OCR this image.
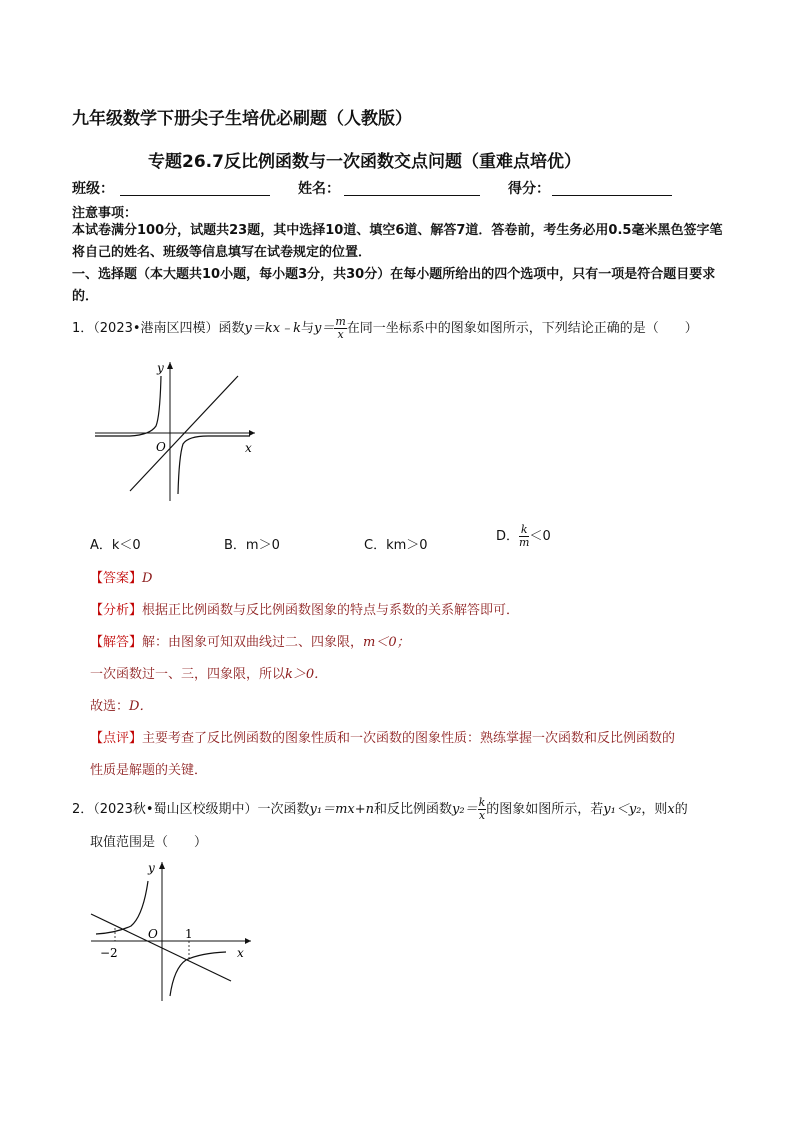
九年级数学下册尖子生培优必刷题（人教版）
专题26.7反比例函数与一次函数交点问题（重难点培优）
班级：	姓名：	得分：
注意事项：
本试卷满分100分，试题共23题，其中选择10道、填空6道、解答7道．答卷前，考生务必用0.5毫米黑色签字笔将自己的姓名、班级等信息填写在试卷规定的位置．
一、选择题（本大题共10小题，每小题3分，共30分）在每小题所给出的四个选项中，只有一项是符合题目要求的．
1．（2023•港南区四模）函数y＝kx﹣k与$y= \frac{m}{x}$ 在同一坐标系中的图象如图所示，下列结论正确的是（　　）
O	x
y
A．k＜0	B．m＞0	C．km＞0
D． $\frac{k}{m} <0$
【答案】D
【分析】根据正比例函数与反比例函数图象的特点与系数的关系解答即可．
【解答】解：由图象可知双曲线过二、四象限，m＜0；
一次函数过一、三，四象限，所以k＞0．
故选：D．
【点评】主要考查了反比例函数的图象性质和一次函数的图象性质：熟练掌握一次函数和反比例函数的
性质是解题的关键．
2．（2023秋•蜀山区校级期中）一次函数y₁＝mx+n和反比例函数$y_2= \frac{k}{x}$ 的图象如图所示，若y₁＜y₂，则x的
取值范围是（　　）
O 1
−2	x
y
